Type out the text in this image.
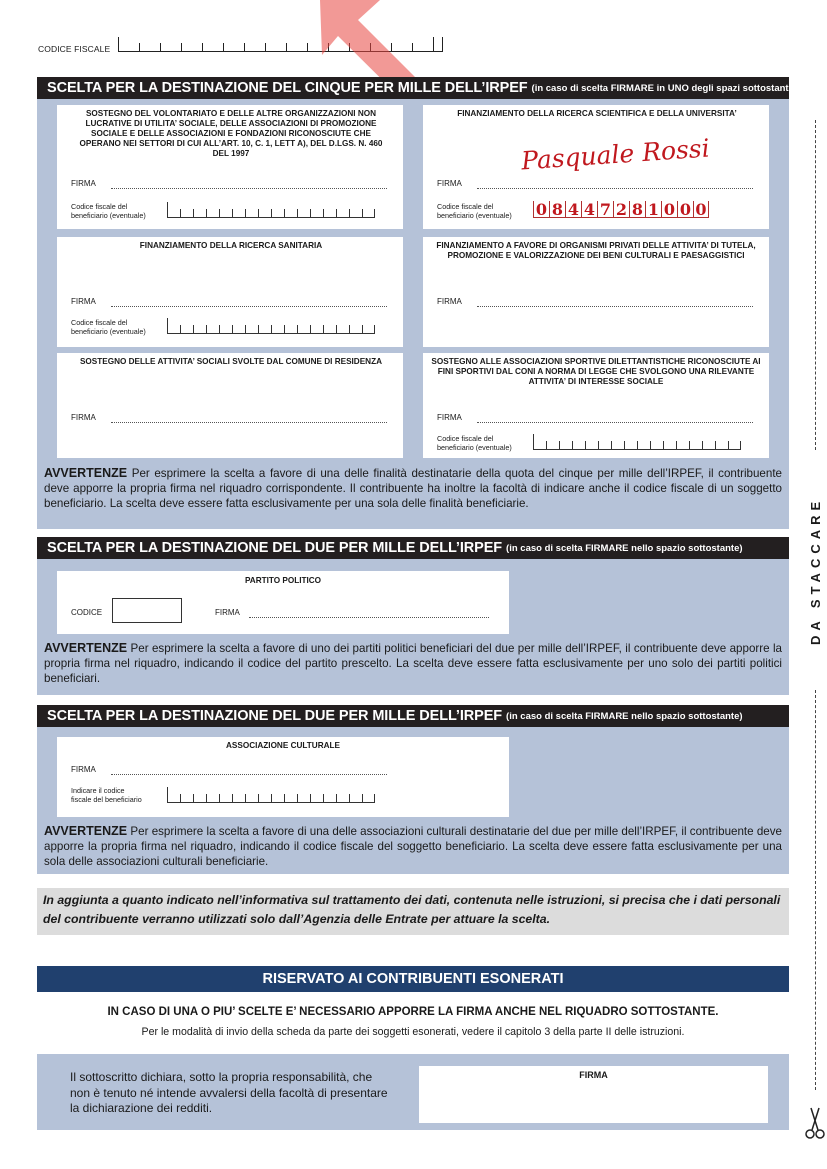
CODICE FISCALE
SCELTA PER LA DESTINAZIONE DEL CINQUE PER MILLE DELL’IRPEF (in caso di scelta FIRMARE in UNO degli spazi sottostanti)
SOSTEGNO DEL VOLONTARIATO E DELLE ALTRE ORGANIZZAZIONI NON LUCRATIVE DI UTILITA’ SOCIALE, DELLE ASSOCIAZIONI DI PROMOZIONE SOCIALE E DELLE ASSOCIAZIONI E FONDAZIONI RICONOSCIUTE CHE OPERANO NEI SETTORI DI CUI ALL’ART. 10, C. 1, LETT A), DEL D.LGS. N. 460 DEL 1997
FIRMA
Codice fiscale del
beneficiario (eventuale)
FINANZIAMENTO DELLA RICERCA SCIENTIFICA E DELLA UNIVERSITA’
Pasquale Rossi
FIRMA
Codice fiscale del
beneficiario (eventuale) 0 8 4 4 7 2 8 1 0 0 0
FINANZIAMENTO DELLA RICERCA SANITARIA
FIRMA
Codice fiscale del
beneficiario (eventuale)
FINANZIAMENTO A FAVORE DI ORGANISMI PRIVATI DELLE ATTIVITA’ DI TUTELA, PROMOZIONE E VALORIZZAZIONE DEI BENI CULTURALI E PAESAGGISTICI
FIRMA
SOSTEGNO DELLE ATTIVITA’ SOCIALI SVOLTE DAL COMUNE DI RESIDENZA
FIRMA
SOSTEGNO ALLE ASSOCIAZIONI SPORTIVE DILETTANTISTICHE RICONOSCIUTE AI FINI SPORTIVI DAL CONI A NORMA DI LEGGE CHE SVOLGONO UNA RILEVANTE ATTIVITA’ DI INTERESSE SOCIALE
FIRMA
Codice fiscale del
beneficiario (eventuale)
AVVERTENZE Per esprimere la scelta a favore di una delle finalità destinatarie della quota del cinque per mille dell’IRPEF, il contribuente deve apporre la propria firma nel riquadro corrispondente. Il contribuente ha inoltre la facoltà di indicare anche il codice fiscale di un soggetto beneficiario. La scelta deve essere fatta esclusivamente per una sola delle finalità beneficiarie.
SCELTA PER LA DESTINAZIONE DEL DUE PER MILLE DELL’IRPEF (in caso di scelta FIRMARE nello spazio sottostante)
PARTITO POLITICO
CODICE	FIRMA
AVVERTENZE Per esprimere la scelta a favore di uno dei partiti politici beneficiari del due per mille dell’IRPEF, il contribuente deve apporre la propria firma nel riquadro, indicando il codice del partito prescelto. La scelta deve essere fatta esclusivamente per uno solo dei partiti politici beneficiari.
SCELTA PER LA DESTINAZIONE DEL DUE PER MILLE DELL’IRPEF (in caso di scelta FIRMARE nello spazio sottostante)
ASSOCIAZIONE CULTURALE
FIRMA
Indicare il codice
fiscale del beneficiario
AVVERTENZE Per esprimere la scelta a favore di una delle associazioni culturali destinatarie del due per mille dell’IRPEF, il contribuente deve apporre la propria firma nel riquadro, indicando il codice fiscale del soggetto beneficiario. La scelta deve essere fatta esclusivamente per una sola delle associazioni culturali beneficiarie.
In aggiunta a quanto indicato nell’informativa sul trattamento dei dati, contenuta nelle istruzioni, si precisa che i dati personali del contribuente verranno utilizzati solo dall’Agenzia delle Entrate per attuare la scelta.
RISERVATO AI CONTRIBUENTI ESONERATI
IN CASO DI UNA O PIU’ SCELTE E’ NECESSARIO APPORRE LA FIRMA ANCHE NEL RIQUADRO SOTTOSTANTE.
Per le modalità di invio della scheda da parte dei soggetti esonerati, vedere il capitolo 3 della parte II delle istruzioni.
Il sottoscritto dichiara, sotto la propria responsabilità, che non è tenuto né intende avvalersi della facoltà di presentare la dichiarazione dei redditi.
FIRMA
DA STACCARE
